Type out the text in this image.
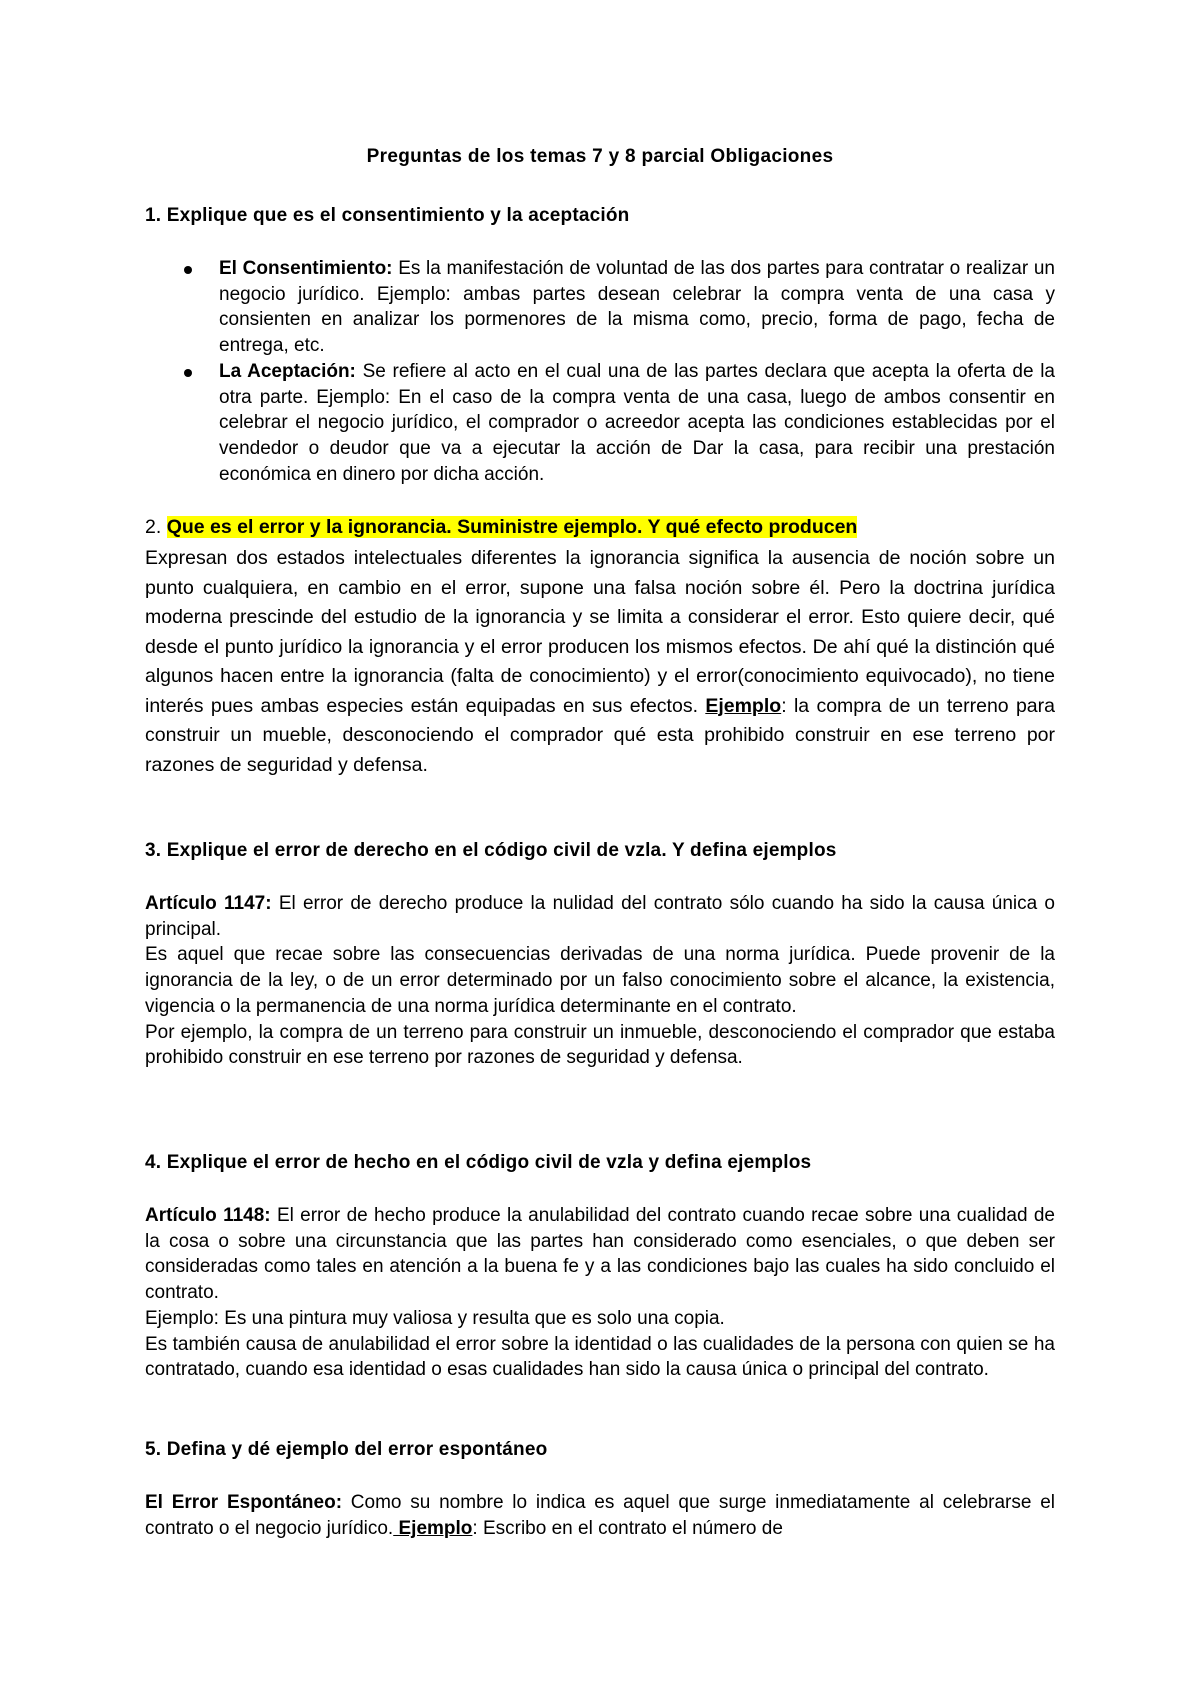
Preguntas de los temas 7 y 8 parcial Obligaciones
1. Explique que es el consentimiento y la aceptación
El Consentimiento: Es la manifestación de voluntad de las dos partes para contratar o realizar un negocio jurídico. Ejemplo: ambas partes desean celebrar la compra venta de una casa y consienten en analizar los pormenores de la misma como, precio, forma de pago, fecha de entrega, etc.
La Aceptación: Se refiere al acto en el cual una de las partes declara que acepta la oferta de la otra parte. Ejemplo: En el caso de la compra venta de una casa, luego de ambos consentir en celebrar el negocio jurídico, el comprador o acreedor acepta las condiciones establecidas por el vendedor o deudor que va a ejecutar la acción de Dar la casa, para recibir una prestación económica en dinero por dicha acción.
2. Que es el error y la ignorancia. Suministre ejemplo. Y qué efecto producen
Expresan dos estados intelectuales diferentes la ignorancia significa la ausencia de noción sobre un punto cualquiera, en cambio en el error, supone una falsa noción sobre él. Pero la doctrina jurídica moderna prescinde del estudio de la ignorancia y se limita a considerar el error. Esto quiere decir, qué desde el punto jurídico la ignorancia y el error producen los mismos efectos. De ahí qué la distinción qué algunos hacen entre la ignorancia (falta de conocimiento) y el error(conocimiento equivocado), no tiene interés pues ambas especies están equipadas en sus efectos. Ejemplo: la compra de un terreno para construir un mueble, desconociendo el comprador qué esta prohibido construir en ese terreno por razones de seguridad y defensa.
3. Explique el error de derecho en el código civil de vzla. Y defina ejemplos

Artículo 1147: El error de derecho produce la nulidad del contrato sólo cuando ha sido la causa única o principal.

Es aquel que recae sobre las consecuencias derivadas de una norma jurídica. Puede provenir de la ignorancia de la ley, o de un error determinado por un falso conocimiento sobre el alcance, la existencia, vigencia o la permanencia de una norma jurídica determinante en el contrato.

Por ejemplo, la compra de un terreno para construir un inmueble, desconociendo el comprador que estaba prohibido construir en ese terreno por razones de seguridad y defensa.

4. Explique el error de hecho en el código civil de vzla y defina ejemplos

Artículo 1148: El error de hecho produce la anulabilidad del contrato cuando recae sobre una cualidad de la cosa o sobre una circunstancia que las partes han considerado como esenciales, o que deben ser consideradas como tales en atención a la buena fe y a las condiciones bajo las cuales ha sido concluido el contrato.

Ejemplo: Es una pintura muy valiosa y resulta que es solo una copia.

Es también causa de anulabilidad el error sobre la identidad o las cualidades de la persona con quien se ha contratado, cuando esa identidad o esas cualidades han sido la causa única o principal del contrato.

5. Defina y dé ejemplo del error espontáneo
El Error Espontáneo: Como su nombre lo indica es aquel que surge inmediatamente al celebrarse el contrato o el negocio jurídico. Ejemplo: Escribo en el contrato el número de
